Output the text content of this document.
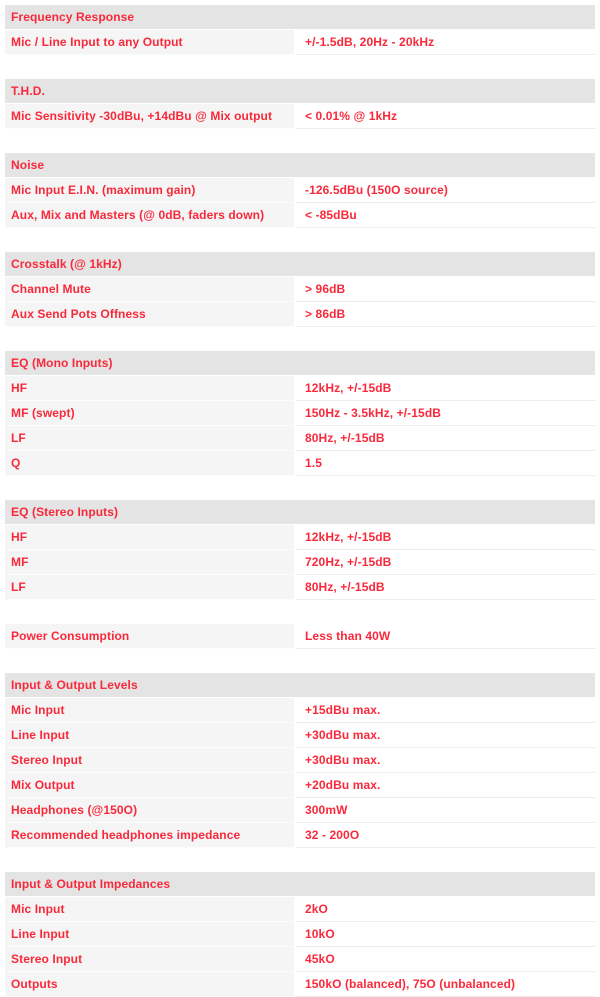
Frequency Response
Mic / Line Input to any Output	+/-1.5dB, 20Hz - 20kHz
T.H.D.
Mic Sensitivity -30dBu, +14dBu @ Mix output	< 0.01% @ 1kHz
Noise
Mic Input E.I.N. (maximum gain)	-126.5dBu (150O source)
Aux, Mix and Masters (@ 0dB, faders down)	< -85dBu
Crosstalk (@ 1kHz)
Channel Mute	> 96dB
Aux Send Pots Offness	> 86dB
EQ (Mono Inputs)
HF	12kHz, +/-15dB
MF (swept)	150Hz - 3.5kHz, +/-15dB
LF	80Hz, +/-15dB
Q	1.5
EQ (Stereo Inputs)
HF	12kHz, +/-15dB
MF	720Hz, +/-15dB
LF	80Hz, +/-15dB
Power Consumption	Less than 40W
Input & Output Levels
Mic Input	+15dBu max.
Line Input	+30dBu max.
Stereo Input	+30dBu max.
Mix Output	+20dBu max.
Headphones (@150O)	300mW
Recommended headphones impedance	32 - 200O
Input & Output Impedances
Mic Input	2kO
Line Input	10kO
Stereo Input	45kO
Outputs	150kO (balanced), 75O (unbalanced)
